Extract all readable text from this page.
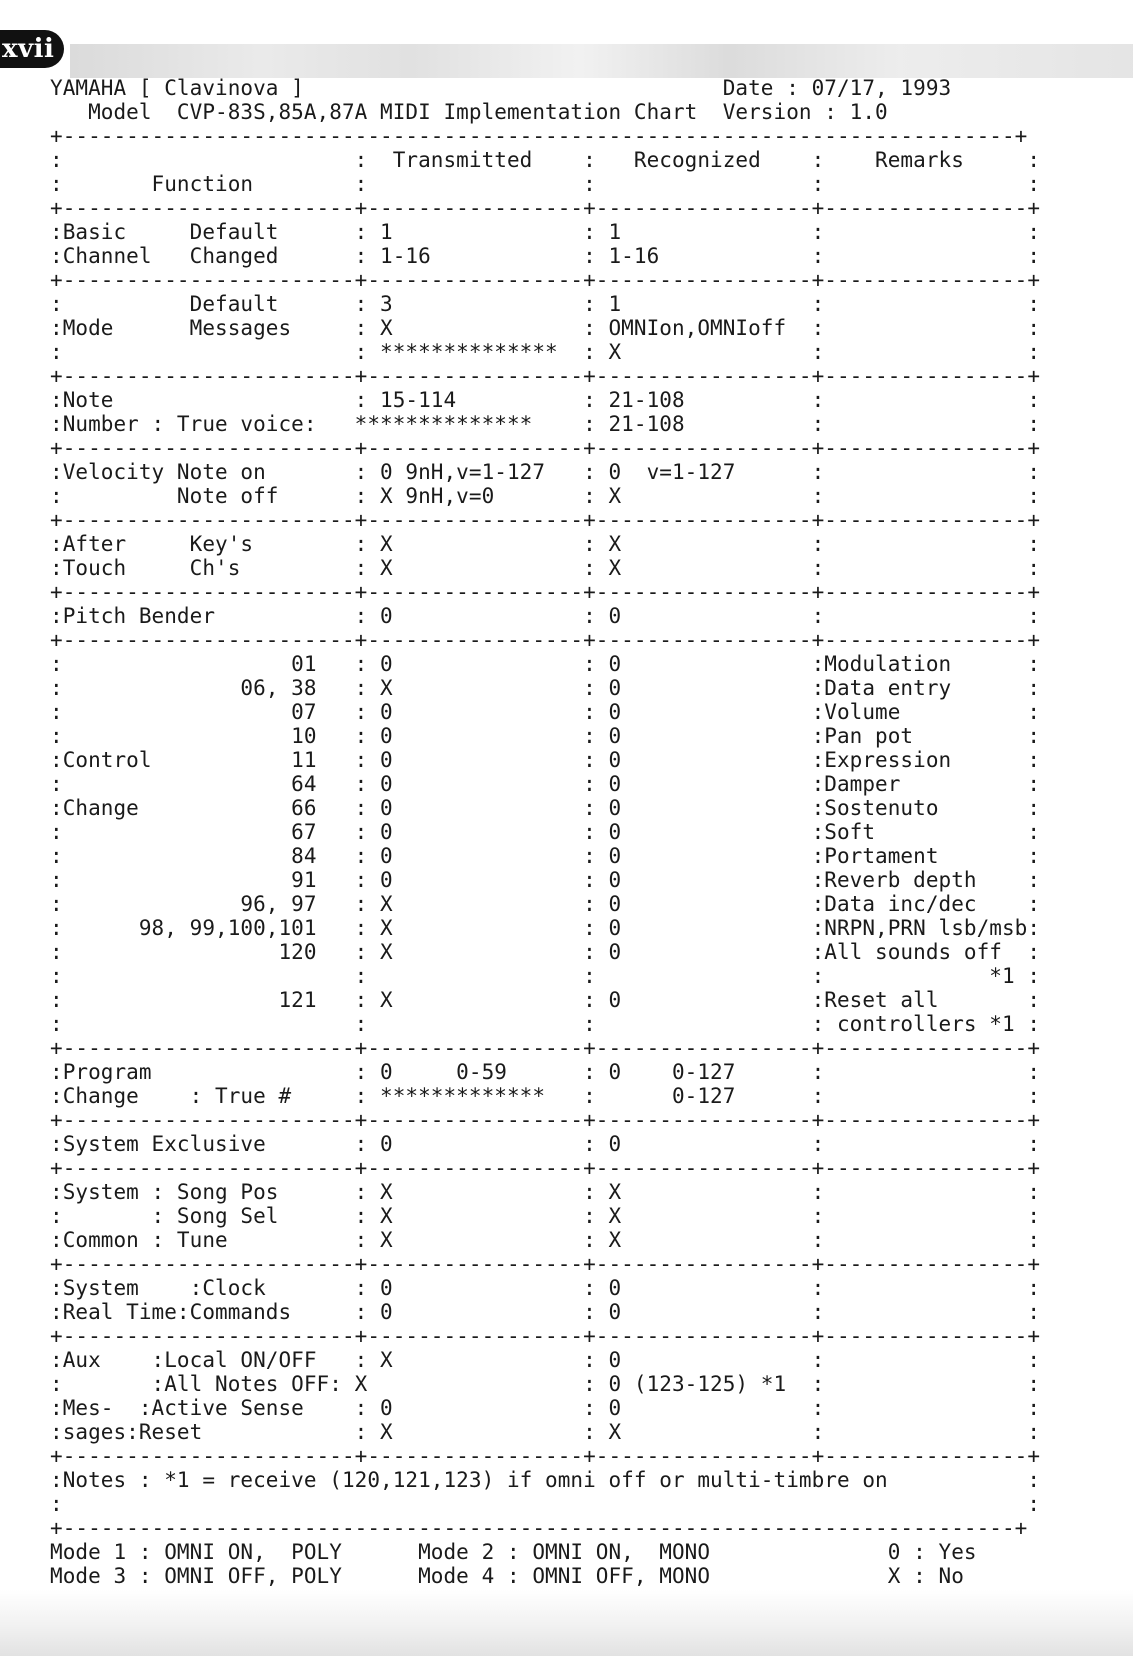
xvii
YAMAHA [ Clavinova ]                                 Date : 07/17, 1993
Model  CVP-83S,85A,87A MIDI Implementation Chart  Version : 1.0
+---------------------------------------------------------------------------+
:                       :  Transmitted    :   Recognized    :    Remarks     :
:       Function        :                 :                 :                :
+-----------------------+-----------------+-----------------+----------------+
:Basic     Default      : 1               : 1               :                :
:Channel   Changed      : 1-16            : 1-16            :                :
+-----------------------+-----------------+-----------------+----------------+
:          Default      : 3               : 1               :                :
:Mode      Messages     : X               : OMNIon,OMNIoff  :                :
:                       : **************  : X               :                :
+-----------------------+-----------------+-----------------+----------------+
:Note                   : 15-114          : 21-108          :                :
:Number : True voice:   **************    : 21-108          :                :
+-----------------------+-----------------+-----------------+----------------+
:Velocity Note on       : 0 9nH,v=1-127   : 0  v=1-127      :                :
:         Note off      : X 9nH,v=0       : X               :                :
+-----------------------+-----------------+-----------------+----------------+
:After     Key's        : X               : X               :                :
:Touch     Ch's         : X               : X               :                :
+-----------------------+-----------------+-----------------+----------------+
:Pitch Bender           : 0               : 0               :                :
+-----------------------+-----------------+-----------------+----------------+
:                  01   : 0               : 0               :Modulation      :
:              06, 38   : X               : 0               :Data entry      :
:                  07   : 0               : 0               :Volume          :
:                  10   : 0               : 0               :Pan pot         :
:Control           11   : 0               : 0               :Expression      :
:                  64   : 0               : 0               :Damper          :
:Change            66   : 0               : 0               :Sostenuto       :
:                  67   : 0               : 0               :Soft            :
:                  84   : 0               : 0               :Portament       :
:                  91   : 0               : 0               :Reverb depth    :
:              96, 97   : X               : 0               :Data inc/dec    :
:      98, 99,100,101   : X               : 0               :NRPN,PRN lsb/msb:
:                 120   : X               : 0               :All sounds off  :
:                       :                 :                 :             *1 :
:                 121   : X               : 0               :Reset all       :
:                       :                 :                 : controllers *1 :
+-----------------------+-----------------+-----------------+----------------+
:Program                : 0     0-59      : 0    0-127      :                :
:Change    : True #     : *************   :      0-127      :                :
+-----------------------+-----------------+-----------------+----------------+
:System Exclusive       : 0               : 0               :                :
+-----------------------+-----------------+-----------------+----------------+
:System : Song Pos      : X               : X               :                :
:       : Song Sel      : X               : X               :                :
:Common : Tune          : X               : X               :                :
+-----------------------+-----------------+-----------------+----------------+
:System    :Clock       : 0               : 0               :                :
:Real Time:Commands     : 0               : 0               :                :
+-----------------------+-----------------+-----------------+----------------+
:Aux    :Local ON/OFF   : X               : 0               :                :
:       :All Notes OFF: X                 : 0 (123-125) *1  :                :
:Mes-  :Active Sense    : 0               : 0               :                :
:sages:Reset            : X               : X               :                :
+-----------------------+-----------------+-----------------+----------------+
:Notes : *1 = receive (120,121,123) if omni off or multi-timbre on           :
:                                                                            :
+---------------------------------------------------------------------------+
Mode 1 : OMNI ON,  POLY      Mode 2 : OMNI ON,  MONO              0 : Yes
Mode 3 : OMNI OFF, POLY      Mode 4 : OMNI OFF, MONO              X : No
